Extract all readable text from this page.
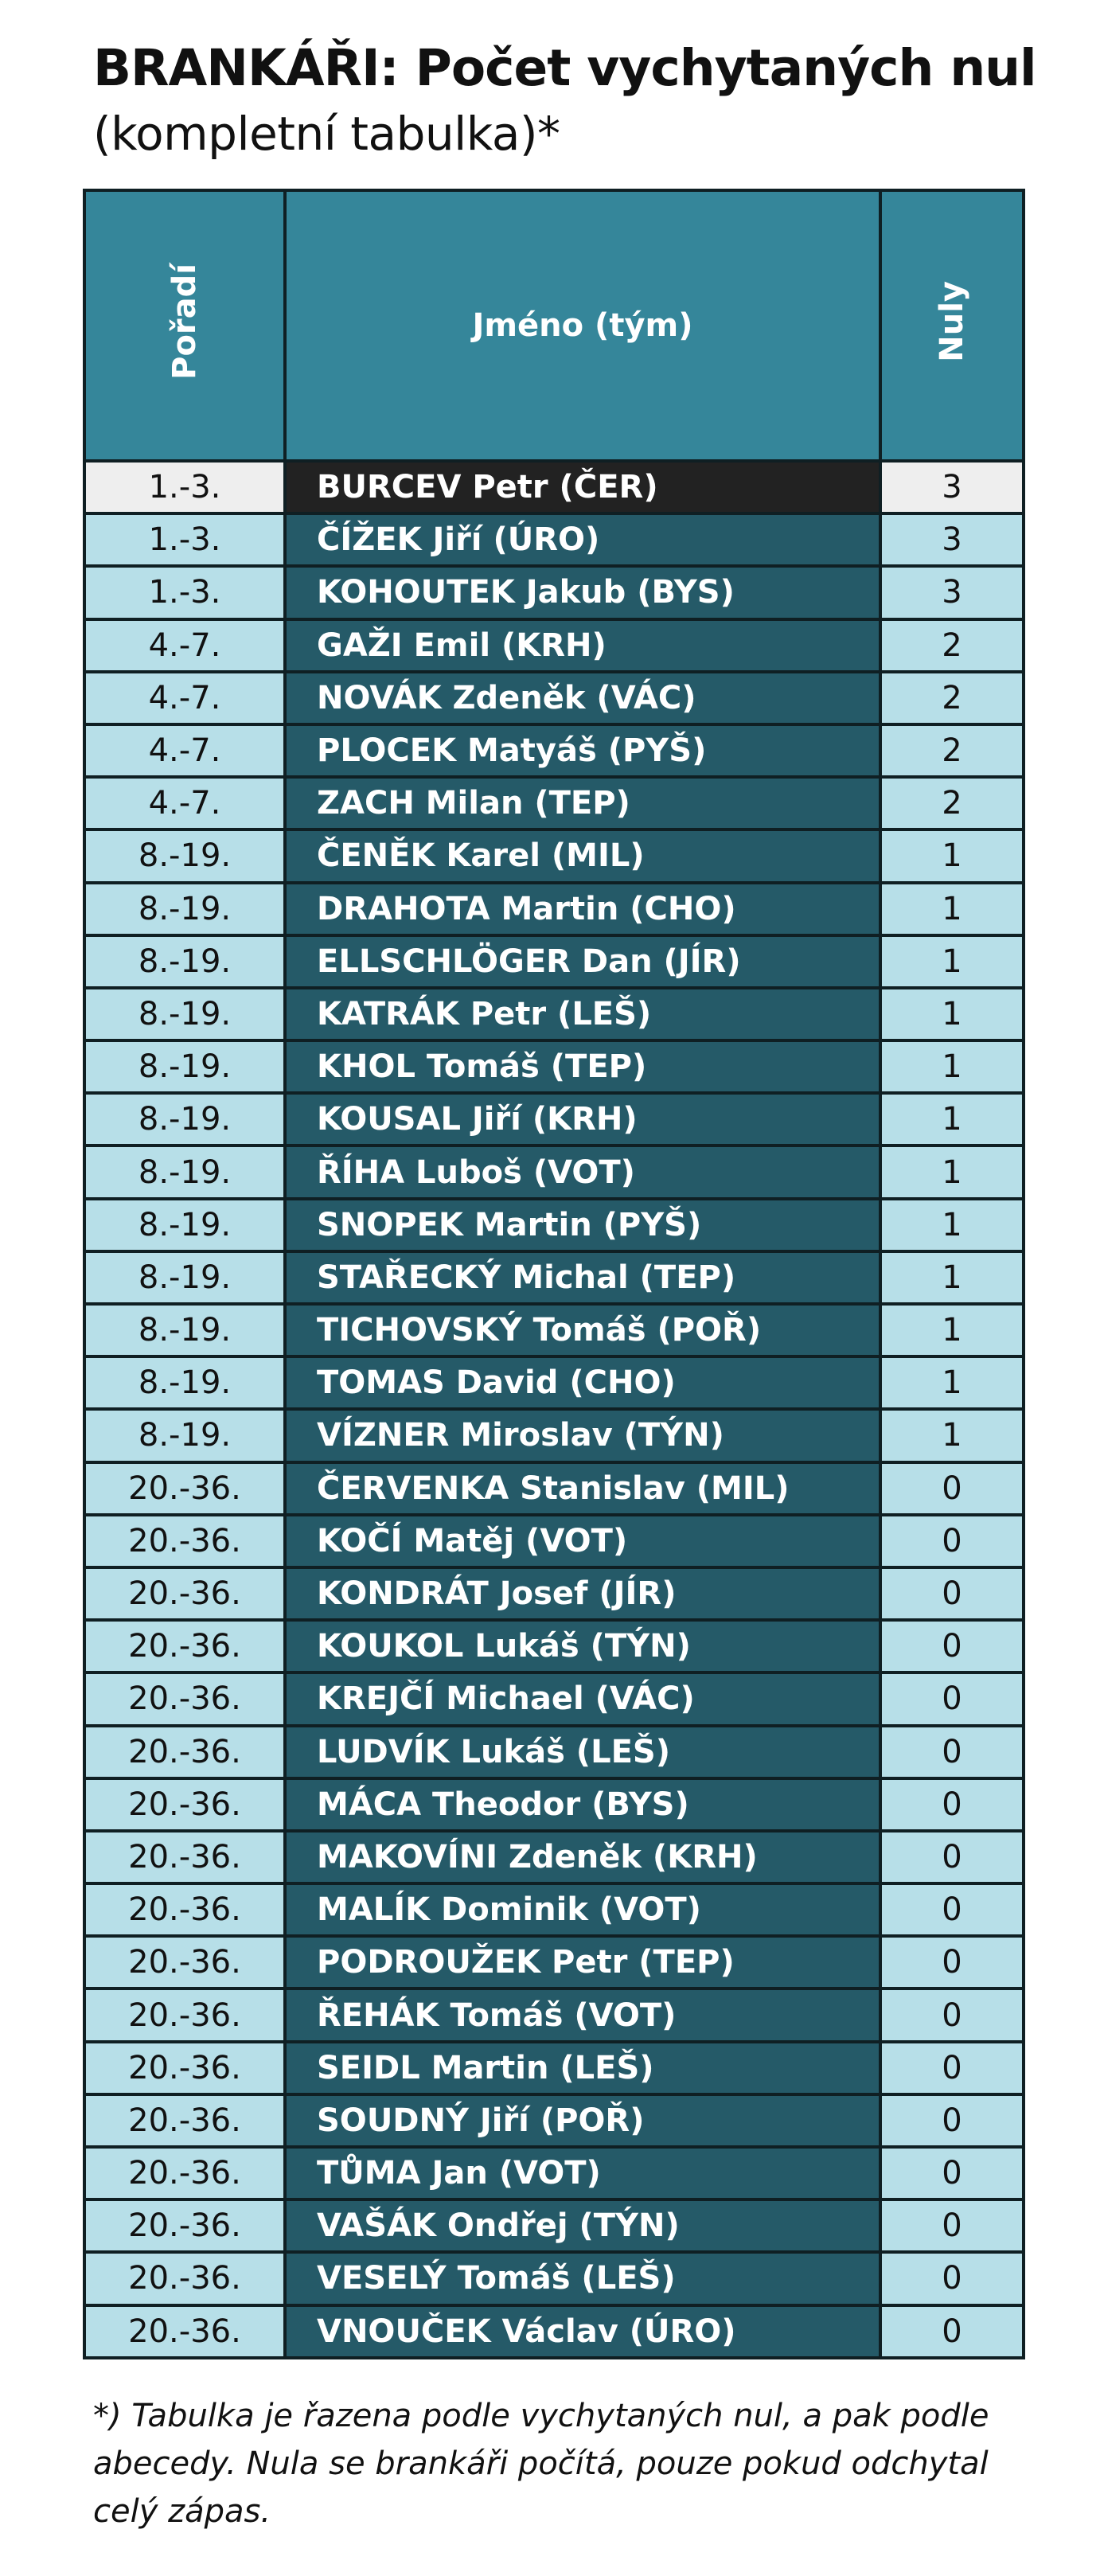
BRANKÁŘI: Počet vychytaných nul
(kompletní tabulka)*
Pořadí	Jméno (tým)	Nuly
1.-3.	BURCEV Petr (ČER)	3
1.-3.	ČÍŽEK Jiří (ÚRO)	3
1.-3.	KOHOUTEK Jakub (BYS)	3
4.-7.	GAŽI Emil (KRH)	2
4.-7.	NOVÁK Zdeněk (VÁC)	2
4.-7.	PLOCEK Matyáš (PYŠ)	2
4.-7.	ZACH Milan (TEP)	2
8.-19.	ČENĚK Karel (MIL)	1
8.-19.	DRAHOTA Martin (CHO)	1
8.-19.	ELLSCHLÖGER Dan (JÍR)	1
8.-19.	KATRÁK Petr (LEŠ)	1
8.-19.	KHOL Tomáš (TEP)	1
8.-19.	KOUSAL Jiří (KRH)	1
8.-19.	ŘÍHA Luboš (VOT)	1
8.-19.	SNOPEK Martin (PYŠ)	1
8.-19.	STAŘECKÝ Michal (TEP)	1
8.-19.	TICHOVSKÝ Tomáš (POŘ)	1
8.-19.	TOMAS David (CHO)	1
8.-19.	VÍZNER Miroslav (TÝN)	1
20.-36.	ČERVENKA Stanislav (MIL)	0
20.-36.	KOČÍ Matěj (VOT)	0
20.-36.	KONDRÁT Josef (JÍR)	0
20.-36.	KOUKOL Lukáš (TÝN)	0
20.-36.	KREJČÍ Michael (VÁC)	0
20.-36.	LUDVÍK Lukáš (LEŠ)	0
20.-36.	MÁCA Theodor (BYS)	0
20.-36.	MAKOVÍNI Zdeněk (KRH)	0
20.-36.	MALÍK Dominik (VOT)	0
20.-36.	PODROUŽEK Petr (TEP)	0
20.-36.	ŘEHÁK Tomáš (VOT)	0
20.-36.	SEIDL Martin (LEŠ)	0
20.-36.	SOUDNÝ Jiří (POŘ)	0
20.-36.	TŮMA Jan (VOT)	0
20.-36.	VAŠÁK Ondřej (TÝN)	0
20.-36.	VESELÝ Tomáš (LEŠ)	0
20.-36.	VNOUČEK Václav (ÚRO)	0
*) Tabulka je řazena podle vychytaných nul, a pak podle abecedy. Nula se brankáři počítá, pouze pokud odchytal celý zápas.
